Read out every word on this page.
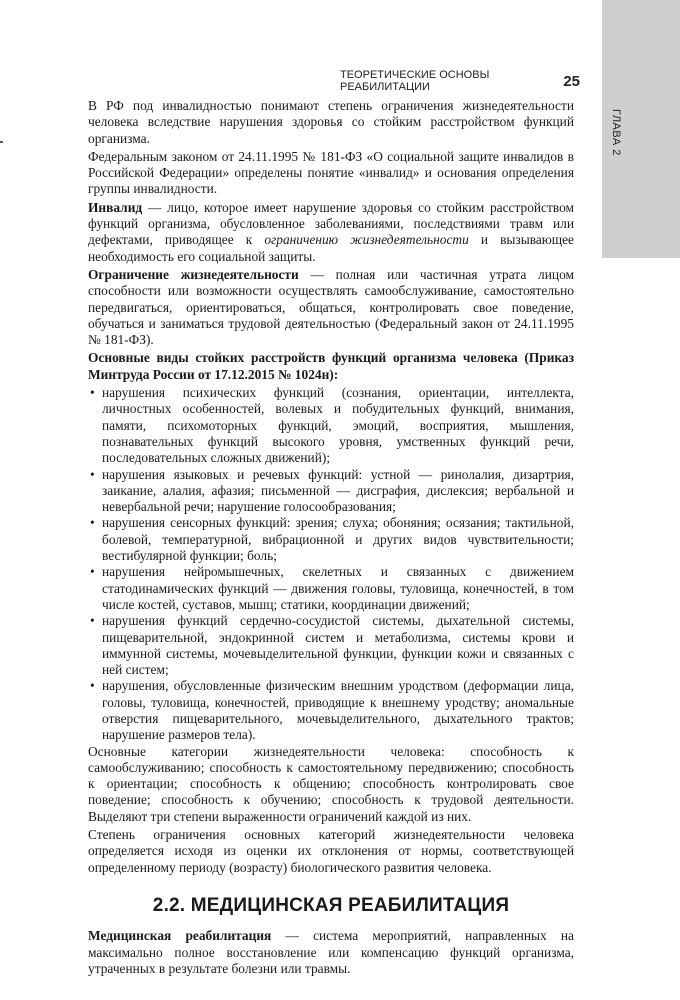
ГЛАВА 2
ТЕОРЕТИЧЕСКИЕ ОСНОВЫ РЕАБИЛИТАЦИИ	25

В РФ под инвалидностью понимают степень ограничения жизнедеятельности человека вследствие нарушения здоровья со стойким расстройством функций организма.

Федеральным законом от 24.11.1995 № 181-ФЗ «О социальной защите инвалидов в Российской Федерации» определены понятие «инвалид» и основания определения группы инвалидности.

Инвалид — лицо, которое имеет нарушение здоровья со стойким расстройством функций организма, обусловленное заболеваниями, последствиями травм или дефектами, приводящее к ограничению жизнедеятельности и вызывающее необходимость его социальной защиты.

Ограничение жизнедеятельности — полная или частичная утрата лицом способности или возможности осуществлять самообслуживание, самостоятельно передвигаться, ориентироваться, общаться, контролировать свое поведение, обучаться и заниматься трудовой деятельностью (Федеральный закон от 24.11.1995 № 181-ФЗ).

Основные виды стойких расстройств функций организма человека (Приказ Минтруда России от 17.12.2015 № 1024н):

• нарушения психических функций (сознания, ориентации, интеллекта, личностных особенностей, волевых и побудительных функций, внимания, памяти, психомоторных функций, эмоций, восприятия, мышления, познавательных функций высокого уровня, умственных функций речи, последовательных сложных движений);
• нарушения языковых и речевых функций: устной — ринолалия, дизартрия, заикание, алалия, афазия; письменной — дисграфия, дислексия; вербальной и невербальной речи; нарушение голосообразования;
• нарушения сенсорных функций: зрения; слуха; обоняния; осязания; тактильной, болевой, температурной, вибрационной и других видов чувствительности; вестибулярной функции; боль;
• нарушения нейромышечных, скелетных и связанных с движением статодинамических функций — движения головы, туловища, конечностей, в том числе костей, суставов, мышц; статики, координации движений;
• нарушения функций сердечно-сосудистой системы, дыхательной системы, пищеварительной, эндокринной систем и метаболизма, системы крови и иммунной системы, мочевыделительной функции, функции кожи и связанных с ней систем;
• нарушения, обусловленные физическим внешним уродством (деформации лица, головы, туловища, конечностей, приводящие к внешнему уродству; аномальные отверстия пищеварительного, мочевыделительного, дыхательного трактов; нарушение размеров тела).

Основные категории жизнедеятельности человека: способность к самообслуживанию; способность к самостоятельному передвижению; способность к ориентации; способность к общению; способность контролировать свое поведение; способность к обучению; способность к трудовой деятельности. Выделяют три степени выраженности ограничений каждой из них.

Степень ограничения основных категорий жизнедеятельности человека определяется исходя из оценки их отклонения от нормы, соответствующей определенному периоду (возрасту) биологического развития человека.

2.2. МЕДИЦИНСКАЯ РЕАБИЛИТАЦИЯ

Медицинская реабилитация — система мероприятий, направленных на максимально полное восстановление или компенсацию функций организма, утраченных в результате болезни или травмы.
